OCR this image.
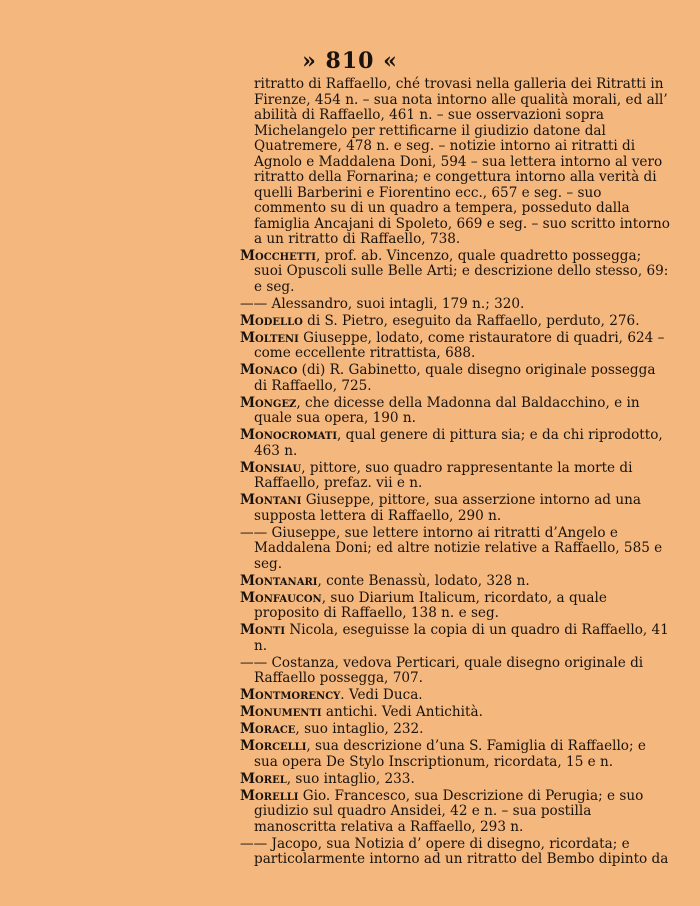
» 810 «
ritratto di Raffaello, ché trovasi nella galleria dei Ritratti in Firenze, 454 n. – sua nota intorno alle qualità morali, ed all’ abilità di Raffaello, 461 n. – sue osservazioni sopra Michelangelo per rettificarne il giudizio datone dal Quatremere, 478 n. e seg. – notizie intorno ai ritratti di Agnolo e Maddalena Doni, 594 – sua lettera intorno al vero ritratto della Fornarina; e congettura intorno alla verità di quelli Barberini e Fiorentino ecc., 657 e seg. – suo commento su di un quadro a tempera, posseduto dalla famiglia Ancajani di Spoleto, 669 e seg. – suo scritto intorno a un ritratto di Raffaello, 738.
Mocchetti, prof. ab. Vincenzo, quale quadretto possegga; suoi Opuscoli sulle Belle Arti; e descrizione dello stesso, 69: e seg.
—— Alessandro, suoi intagli, 179 n.; 320.
Modello di S. Pietro, eseguito da Raffaello, perduto, 276.
Molteni Giuseppe, lodato, come ristauratore di quadri, 624 – come eccellente ritrattista, 688.
Monaco (di) R. Gabinetto, quale disegno originale possegga di Raffaello, 725.
Mongez, che dicesse della Madonna dal Baldacchino, e in quale sua opera, 190 n.
Monocromati, qual genere di pittura sia; e da chi riprodotto, 463 n.
Monsiau, pittore, suo quadro rappresentante la morte di Raffaello, prefaz. vii e n.
Montani Giuseppe, pittore, sua asserzione intorno ad una supposta lettera di Raffaello, 290 n.
—— Giuseppe, sue lettere intorno ai ritratti d’Angelo e Maddalena Doni; ed altre notizie relative a Raffaello, 585 e seg.
Montanari, conte Benassù, lodato, 328 n.
Monfaucon, suo Diarium Italicum, ricordato, a quale proposito di Raffaello, 138 n. e seg.
Monti Nicola, eseguisse la copia di un quadro di Raffaello, 41 n.
—— Costanza, vedova Perticari, quale disegno originale di Raffaello possegga, 707.
Montmorency. Vedi Duca.
Monumenti antichi. Vedi Antichità.
Morace, suo intaglio, 232.
Morcelli, sua descrizione d’una S. Famiglia di Raffaello; e sua opera De Stylo Inscriptionum, ricordata, 15 e n.
Morel, suo intaglio, 233.
Morelli Gio. Francesco, sua Descrizione di Perugia; e suo giudizio sul quadro Ansidei, 42 e n. – sua postilla manoscritta relativa a Raffaello, 293 n.
—— Jacopo, sua Notizia d’ opere di disegno, ricordata; e particolarmente intorno ad un ritratto del Bembo dipinto da
